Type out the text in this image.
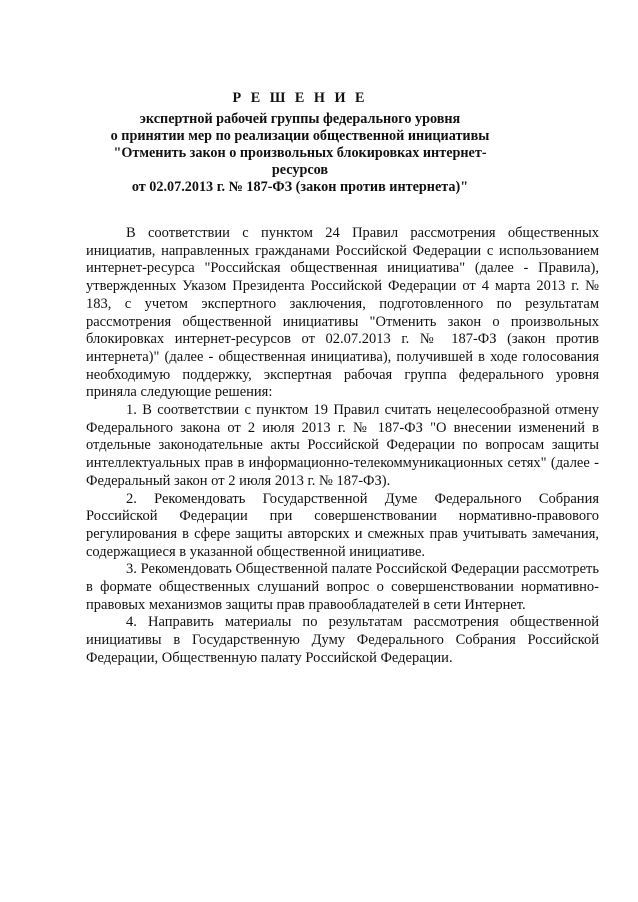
Р Е Ш Е Н И Е
экспертной рабочей группы федерального уровня
о принятии мер по реализации общественной инициативы
"Отменить закон о произвольных блокировках интернет-ресурсов
от 02.07.2013 г. № 187-ФЗ (закон против интернета)"

В соответствии с пунктом 24 Правил рассмотрения общественных инициатив, направленных гражданами Российской Федерации с использованием интернет-ресурса "Российская общественная инициатива" (далее - Правила), утвержденных Указом Президента Российской Федерации от 4 марта 2013 г. № 183, с учетом экспертного заключения, подготовленного по результатам рассмотрения общественной инициативы "Отменить закон о произвольных блокировках интернет-ресурсов от 02.07.2013 г. № 187-ФЗ (закон против интернета)" (далее - общественная инициатива), получившей в ходе голосования необходимую поддержку, экспертная рабочая группа федерального уровня приняла следующие решения:

1. В соответствии с пунктом 19 Правил считать нецелесообразной отмену Федерального закона от 2 июля 2013 г. № 187-ФЗ "О внесении изменений в отдельные законодательные акты Российской Федерации по вопросам защиты интеллектуальных прав в информационно-телекоммуникационных сетях" (далее - Федеральный закон от 2 июля 2013 г. № 187-ФЗ).

2. Рекомендовать Государственной Думе Федерального Собрания Российской Федерации при совершенствовании нормативно-правового регулирования в сфере защиты авторских и смежных прав учитывать замечания, содержащиеся в указанной общественной инициативе.

3. Рекомендовать Общественной палате Российской Федерации рассмотреть в формате общественных слушаний вопрос о совершенствовании нормативно-правовых механизмов защиты прав правообладателей в сети Интернет.

4. Направить материалы по результатам рассмотрения общественной инициативы в Государственную Думу Федерального Собрания Российской Федерации, Общественную палату Российской Федерации.
